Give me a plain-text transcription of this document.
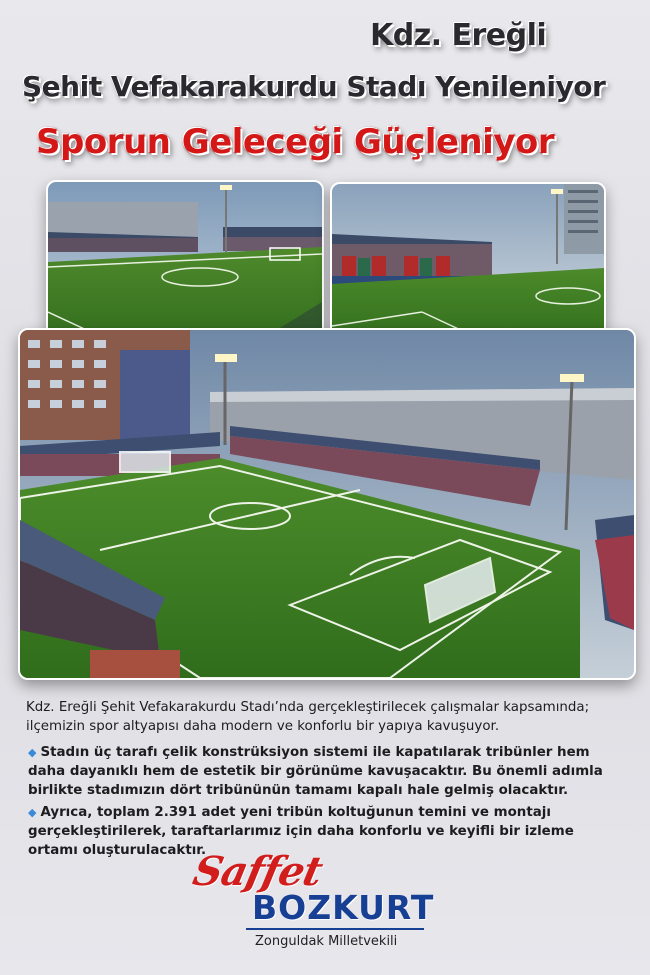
Kdz. Ereğli
Şehit Vefakarakurdu Stadı Yenileniyor
Sporun Geleceği Güçleniyor
Kdz. Ereğli Şehit Vefakarakurdu Stadı’nda gerçekleştirilecek çalışmalar kapsamında; ilçemizin spor altyapısı daha modern ve konforlu bir yapıya kavuşuyor.
◆ Stadın üç tarafı çelik konstrüksiyon sistemi ile kapatılarak tribünler hem daha dayanıklı hem de estetik bir görünüme kavuşacaktır. Bu önemli adımla birlikte stadımızın dört tribününün tamamı kapalı hale gelmiş olacaktır.
◆ Ayrıca, toplam 2.391 adet yeni tribün koltuğunun temini ve montajı gerçekleştirilerek, taraftarlarımız için daha konforlu ve keyifli bir izleme ortamı oluşturulacaktır.
Saffet
BOZKURT
Zonguldak Milletvekili
